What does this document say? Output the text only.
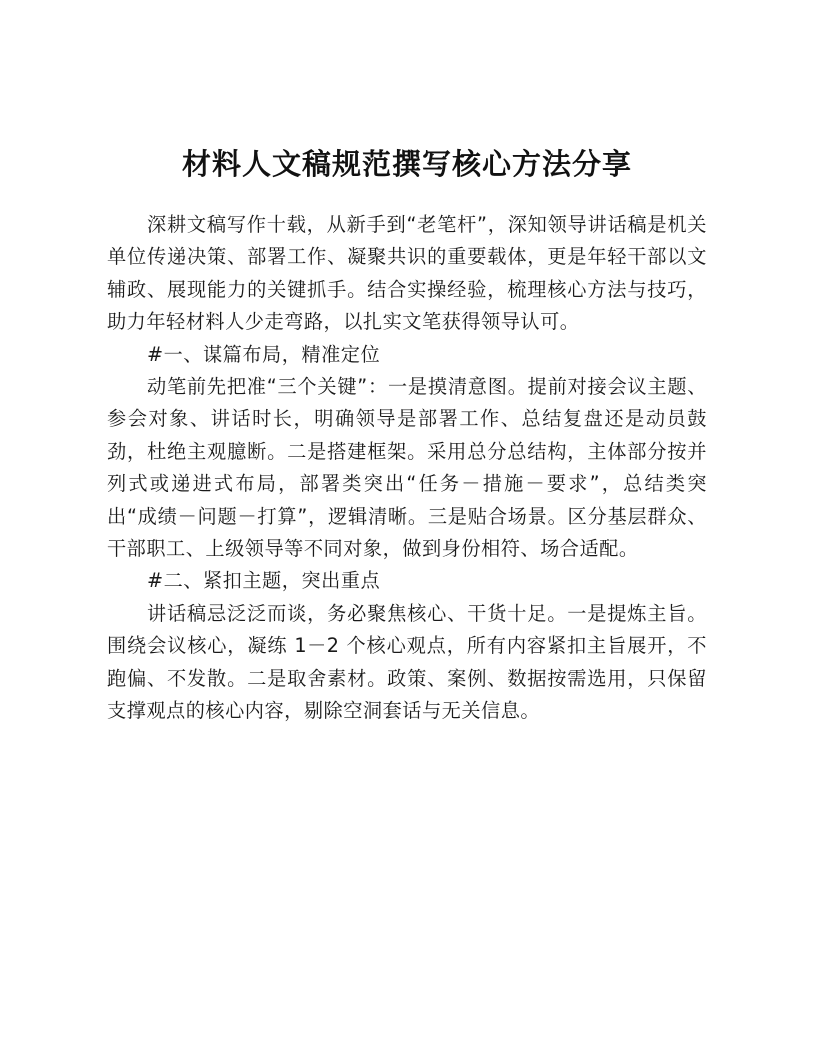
材料人文稿规范撰写核心方法分享

深耕文稿写作十载，从新手到“老笔杆”，深知领导讲话稿是机关单位传递决策、部署工作、凝聚共识的重要载体，更是年轻干部以文辅政、展现能力的关键抓手。结合实操经验，梳理核心方法与技巧，助力年轻材料人少走弯路，以扎实文笔获得领导认可。

#一、谋篇布局，精准定位

动笔前先把准“三个关键”：一是摸清意图。提前对接会议主题、参会对象、讲话时长，明确领导是部署工作、总结复盘还是动员鼓劲，杜绝主观臆断。二是搭建框架。采用总分总结构，主体部分按并列式或递进式布局，部署类突出“任务－措施－要求”，总结类突出“成绩－问题－打算”，逻辑清晰。三是贴合场景。区分基层群众、干部职工、上级领导等不同对象，做到身份相符、场合适配。

#二、紧扣主题，突出重点

讲话稿忌泛泛而谈，务必聚焦核心、干货十足。一是提炼主旨。围绕会议核心，凝练 1－2 个核心观点，所有内容紧扣主旨展开，不跑偏、不发散。二是取舍素材。政策、案例、数据按需选用，只保留支撑观点的核心内容，剔除空洞套话与无关信息。
